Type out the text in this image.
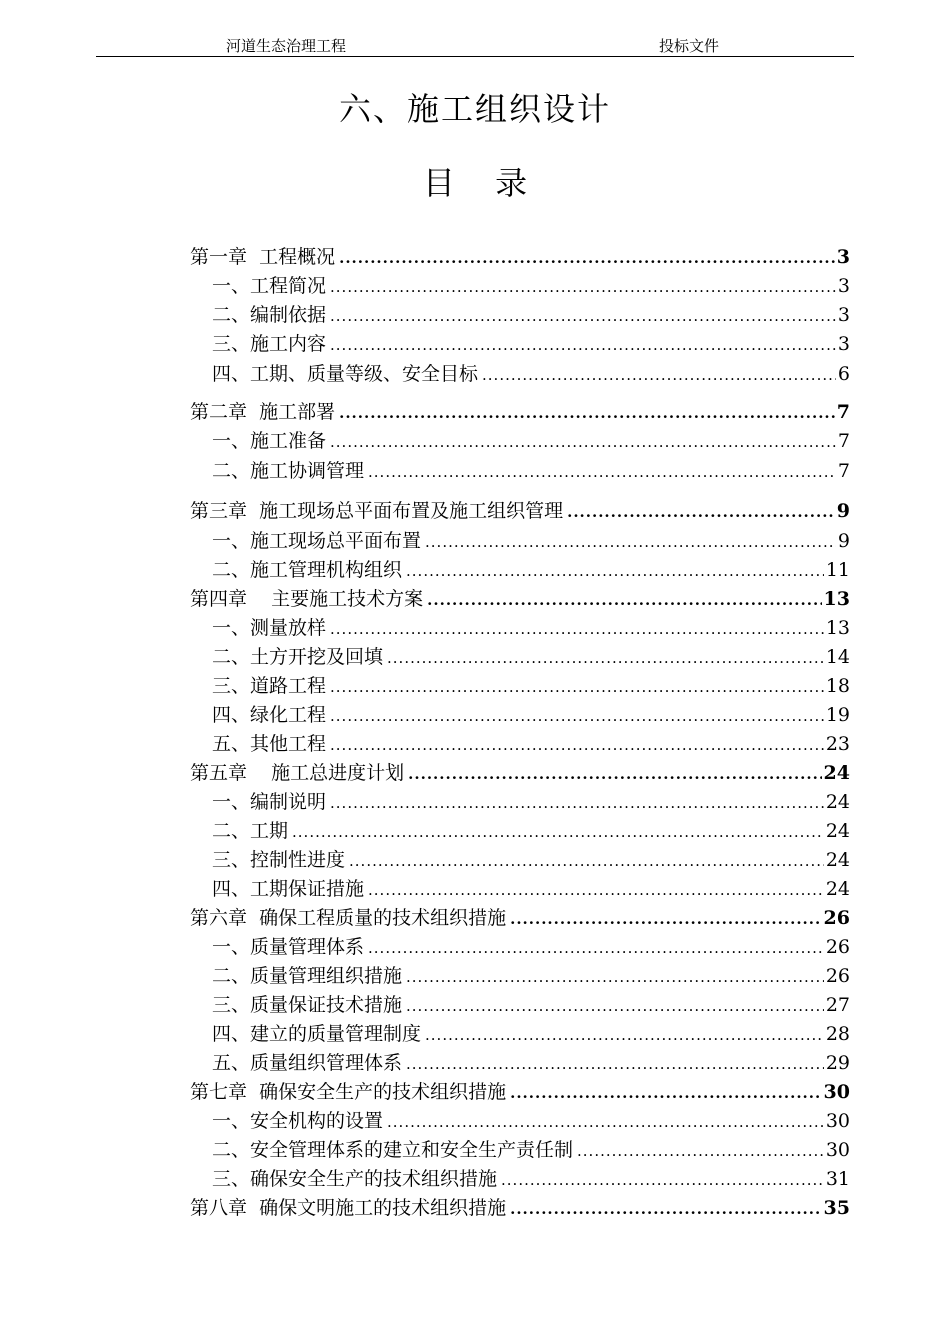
河道生态治理工程	投标文件
六、施工组织设计
目 录
第一章  工程概况 .....	3
一、工程简况 .....	3
二、编制依据 .....	3
三、施工内容 .....	3
四、工期、质量等级、安全目标 .....	6
第二章  施工部署 .....	7
一、施工准备 .....	7
二、施工协调管理 .....	7
第三章  施工现场总平面布置及施工组织管理 .....	9
一、施工现场总平面布置 .....	9
二、施工管理机构组织 .....	11
第四章    主要施工技术方案 .....	13
一、测量放样 .....	13
二、土方开挖及回填 .....	14
三、道路工程 .....	18
四、绿化工程 .....	19
五、其他工程 .....	23
第五章    施工总进度计划 .....	24
一、编制说明 .....	24
二、工期 .....	24
三、控制性进度 .....	24
四、工期保证措施 .....	24
第六章  确保工程质量的技术组织措施 .....	26
一、质量管理体系 .....	26
二、质量管理组织措施 .....	26
三、质量保证技术措施 .....	27
四、建立的质量管理制度 .....	28
五、质量组织管理体系 .....	29
第七章  确保安全生产的技术组织措施 .....	30
一、安全机构的设置 .....	30
二、安全管理体系的建立和安全生产责任制 .....	30
三、确保安全生产的技术组织措施 .....	31
第八章  确保文明施工的技术组织措施 .....	35
